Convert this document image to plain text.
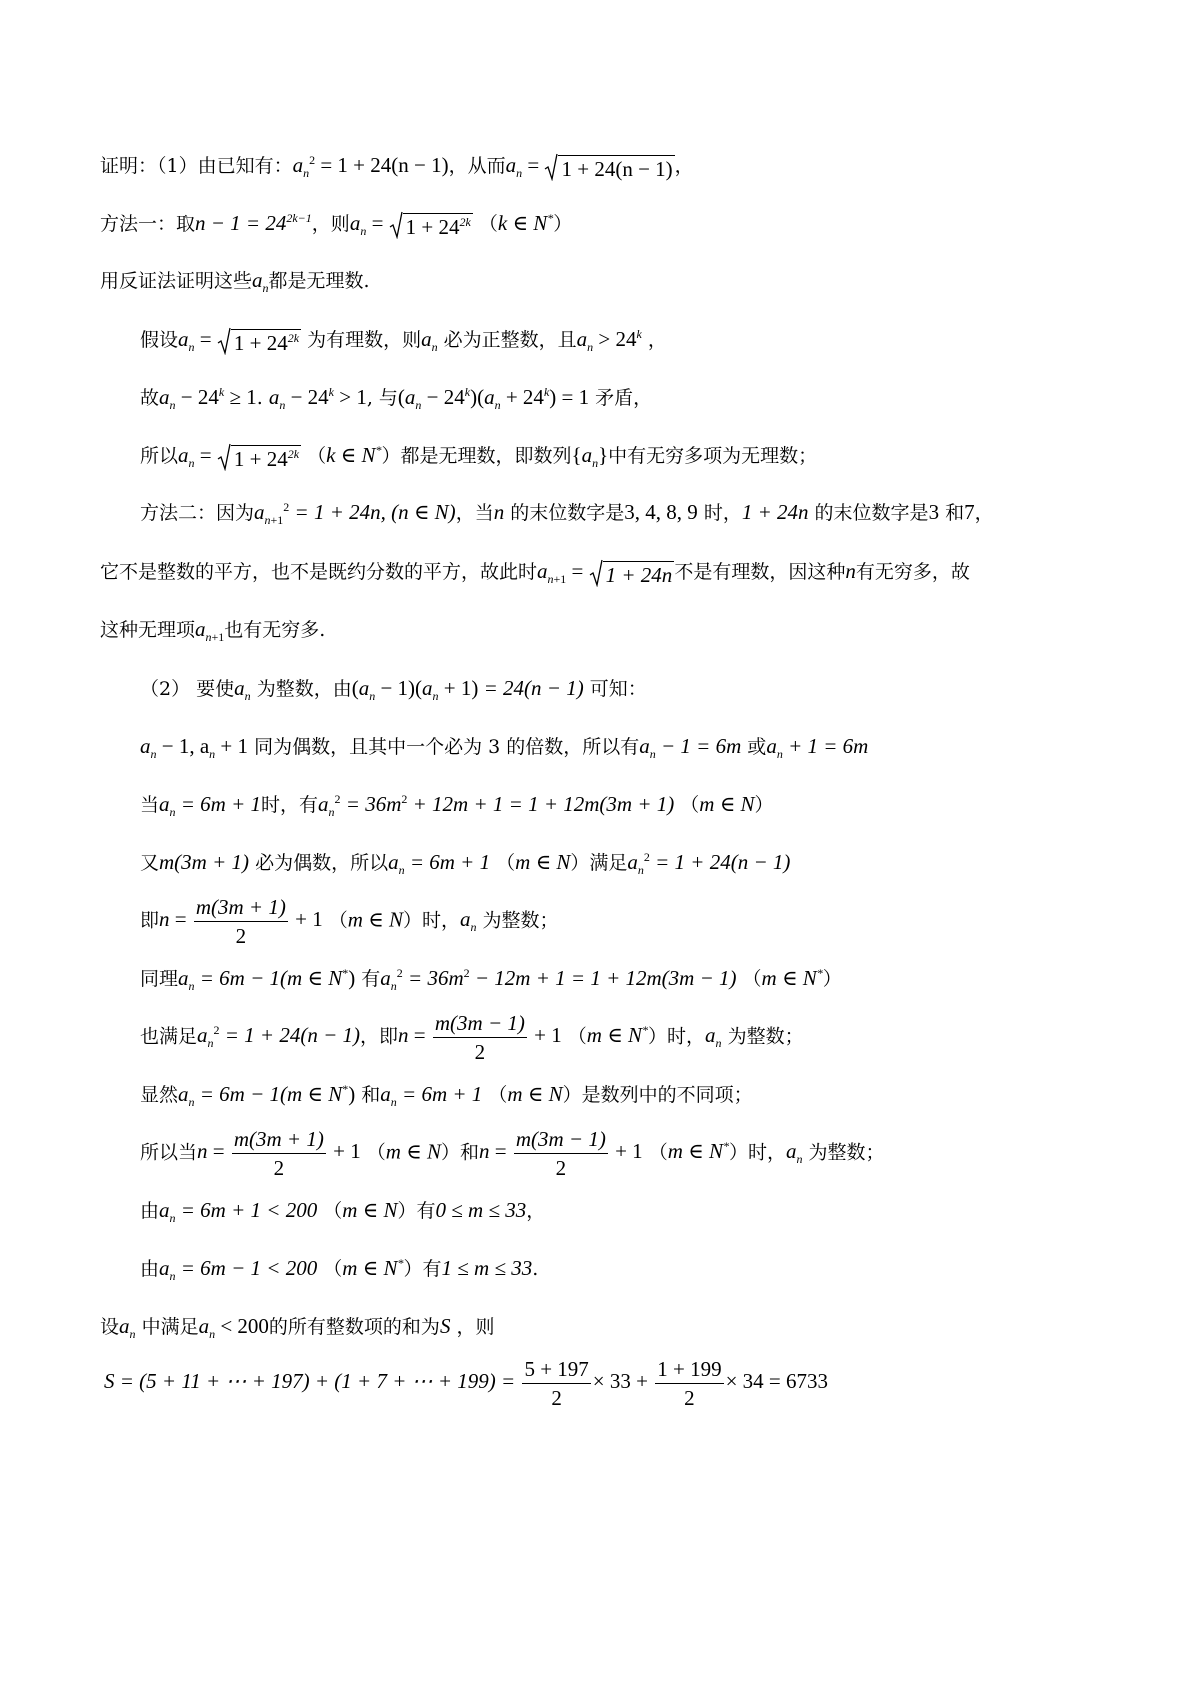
证明：（1）由已知有：$a_n^2 = 1 + 24(n - 1)$，从而$a_n = 1 + 24(n - 1)$ ，
方法一：取$n - 1 = 24^{2k-1}$，则$a_n = 1 + 24^{2k}$ （k ∈ N*）
用反证法证明这些$a_n$都是无理数.
假设$a_n = 1 + 24^{2k}$ 为有理数，则$a_n$ 必为正整数，且$a_n > 24^k$ ，
故$a_n - 24^k \ge 1$. $a_n - 24^k > 1$, 与$(a_n - 24^k)(a_n + 24^k) = 1$ 矛盾，
所以$a_n = 1 + 24^{2k}$ （k ∈ N*）都是无理数，即数列$\{a_n\}$中有无穷多项为无理数；
方法二：因为$a_{n+1}^2 = 1 + 24n$, (n ∈ N)，当n 的末位数字是3, 4, 8, 9 时，1 + 24n 的末位数字是3 和7，
它不是整数的平方，也不是既约分数的平方，故此时$a_{n+1} = 1 + 24n$ 不是有理数，因这种n有无穷多，故
这种无理项$a_{n+1}$也有无穷多.
（2） 要使$a_n$ 为整数，由$(a_n - 1)(a_n + 1) = 24(n - 1)$ 可知：
$a_n - 1$, $a_n + 1$ 同为偶数，且其中一个必为 3 的倍数，所以有$a_n - 1 = 6m$ 或$a_n + 1 = 6m$
当$a_n = 6m + 1$时，有$a_n^2 = 36m^2 + 12m + 1 = 1 + 12m(3m + 1)$ （m ∈ N）
又m(3m + 1) 必为偶数，所以$a_n = 6m + 1$ （m ∈ N）满足$a_n^2 = 1 + 24(n - 1)$
即$n = \frac{m(3m + 1)}{2} + 1$ （m ∈ N）时，$a_n$ 为整数；
同理$a_n = 6m - 1(m$ ∈ N*) 有$a_n^2 = 36m^2 - 12m + 1 = 1 + 12m(3m - 1)$ （m ∈ N*）
也满足$a_n^2 = 1 + 24(n - 1)$，即$n = \frac{m(3m - 1)}{2} + 1$ （m ∈ N*）时，$a_n$ 为整数；
显然$a_n = 6m - 1(m$ ∈ N*) 和$a_n = 6m + 1$ （m ∈ N）是数列中的不同项；
所以当$n = \frac{m(3m + 1)}{2} + 1$ （m ∈ N）和$n = \frac{m(3m - 1)}{2} + 1$ （m ∈ N*）时，$a_n$ 为整数；
由$a_n = 6m + 1 < 200$ （m ∈ N）有0 ≤ m ≤ 33，
由$a_n = 6m - 1 < 200$ （m ∈ N*）有1 ≤ m ≤ 33.
设$a_n$ 中满足$a_n < 200$的所有整数项的和为S ，则
S = (5 + 11 + ⋯ + 197) + (1 + 7 + ⋯ + $199) = \frac{5 + 197}{2} \times 33 + \frac{1 + 199}{2} \times 34 = 6733$
